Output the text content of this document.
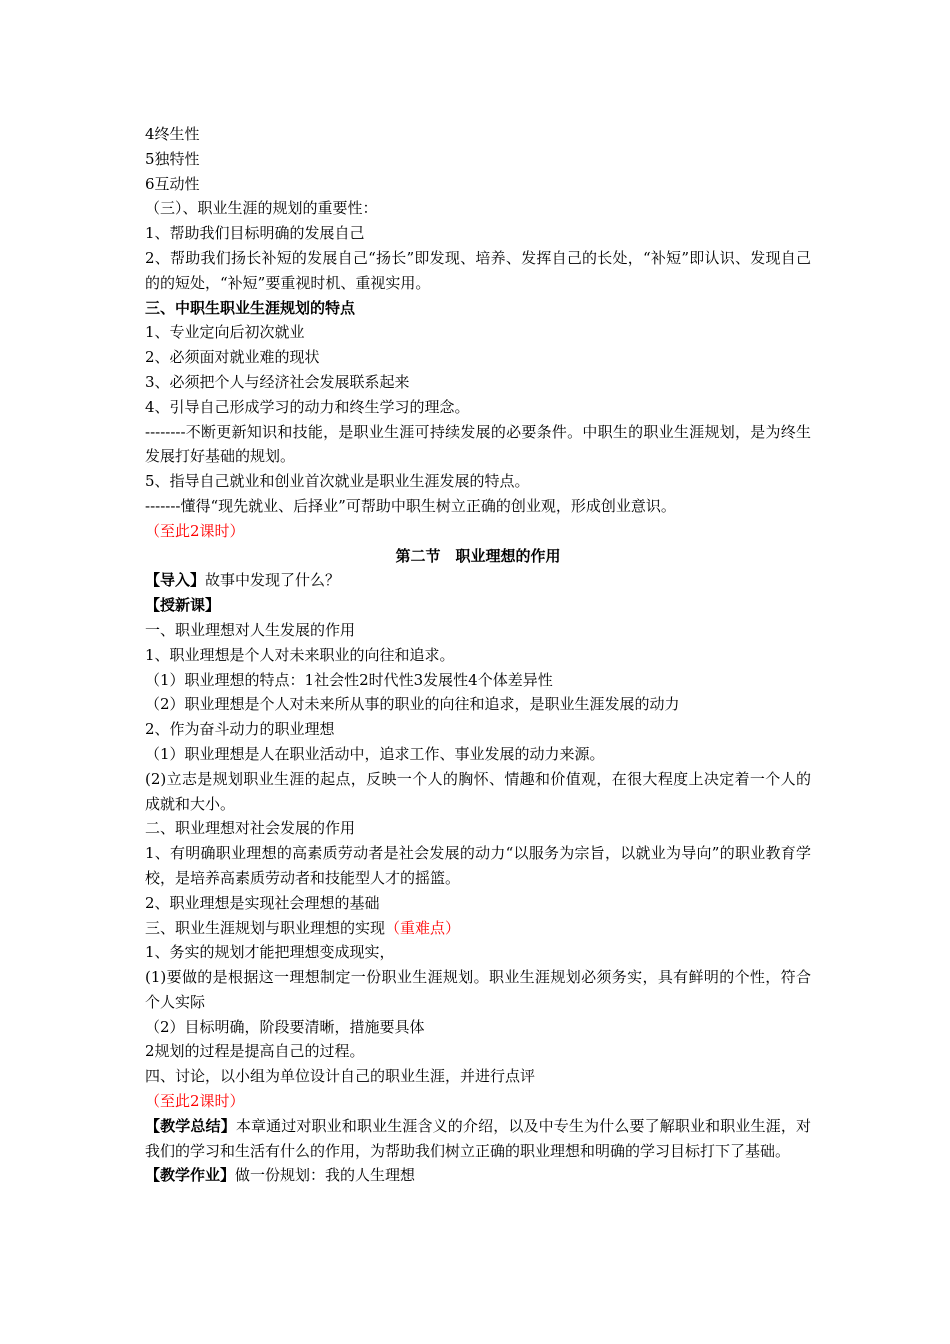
4终生性
5独特性
6互动性
（三）、职业生涯的规划的重要性：
1、帮助我们目标明确的发展自己
2、帮助我们扬长补短的发展自己“扬长”即发现、培养、发挥自己的长处，“补短”即认识、发现自己的的短处，“补短”要重视时机、重视实用。
三、中职生职业生涯规划的特点
1、专业定向后初次就业
2、必须面对就业难的现状
3、必须把个人与经济社会发展联系起来
4、引导自己形成学习的动力和终生学习的理念。
--------不断更新知识和技能，是职业生涯可持续发展的必要条件。中职生的职业生涯规划，是为终生发展打好基础的规划。
5、指导自己就业和创业首次就业是职业生涯发展的特点。
-------懂得“现先就业、后择业”可帮助中职生树立正确的创业观，形成创业意识。
（至此2课时）
第二节　职业理想的作用
【导入】故事中发现了什么？
【授新课】
一、职业理想对人生发展的作用
1、职业理想是个人对未来职业的向往和追求。
（1）职业理想的特点：1社会性2时代性3发展性4个体差异性
（2）职业理想是个人对未来所从事的职业的向往和追求，是职业生涯发展的动力
2、作为奋斗动力的职业理想
（1）职业理想是人在职业活动中，追求工作、事业发展的动力来源。
(2)立志是规划职业生涯的起点，反映一个人的胸怀、情趣和价值观，在很大程度上决定着一个人的成就和大小。
二、职业理想对社会发展的作用
1、有明确职业理想的高素质劳动者是社会发展的动力“以服务为宗旨，以就业为导向”的职业教育学校，是培养高素质劳动者和技能型人才的摇篮。
2、职业理想是实现社会理想的基础
三、职业生涯规划与职业理想的实现（重难点）
1、务实的规划才能把理想变成现实，
(1)要做的是根据这一理想制定一份职业生涯规划。职业生涯规划必须务实，具有鲜明的个性，符合个人实际
（2）目标明确，阶段要清晰，措施要具体
2规划的过程是提高自己的过程。
四、讨论，以小组为单位设计自己的职业生涯，并进行点评
（至此2课时）
【教学总结】本章通过对职业和职业生涯含义的介绍，以及中专生为什么要了解职业和职业生涯，对我们的学习和生活有什么的作用，为帮助我们树立正确的职业理想和明确的学习目标打下了基础。
【教学作业】做一份规划：我的人生理想
